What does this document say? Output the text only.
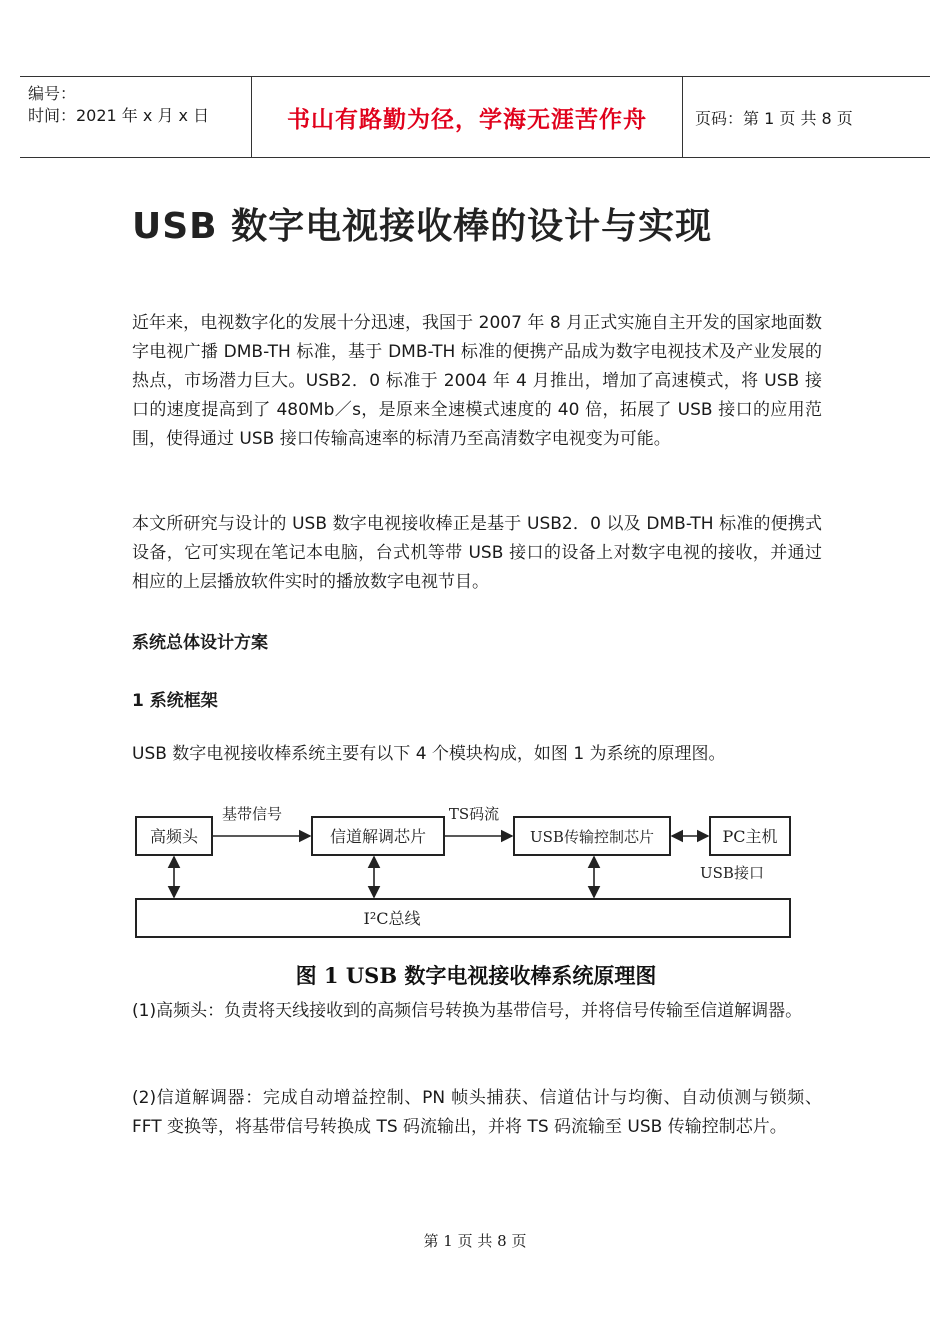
编号：
时间：2021 年 x 月 x 日	书山有路勤为径，学海无涯苦作舟	页码：第 1 页 共 8 页
USB 数字电视接收棒的设计与实现
近年来，电视数字化的发展十分迅速，我国于 2007 年 8 月正式实施自主开发的国家地面数字电视广播 DMB-TH 标准，基于 DMB-TH 标准的便携产品成为数字电视技术及产业发展的热点，市场潜力巨大。USB2．0 标准于 2004 年 4 月推出，增加了高速模式，将 USB 接口的速度提高到了 480Mb／s，是原来全速模式速度的 40 倍，拓展了 USB 接口的应用范围，使得通过 USB 接口传输高速率的标清乃至高清数字电视变为可能。
本文所研究与设计的 USB 数字电视接收棒正是基于 USB2．0 以及 DMB-TH 标准的便携式设备，它可实现在笔记本电脑，台式机等带 USB 接口的设备上对数字电视的接收，并通过相应的上层播放软件实时的播放数字电视节目。
系统总体设计方案
1 系统框架
USB 数字电视接收棒系统主要有以下 4 个模块构成，如图 1 为系统的原理图。
高频头	信道解调芯片	USB传输控制芯片	PC主机
I²C总线
基带信号	TS码流
USB接口
图 1 USB 数字电视接收棒系统原理图
(1)高频头：负责将天线接收到的高频信号转换为基带信号，并将信号传输至信道解调器。
(2)信道解调器：完成自动增益控制、PN 帧头捕获、信道估计与均衡、自动侦测与锁频、FFT 变换等，将基带信号转换成 TS 码流输出，并将 TS 码流输至 USB 传输控制芯片。
第 1 页 共 8 页
